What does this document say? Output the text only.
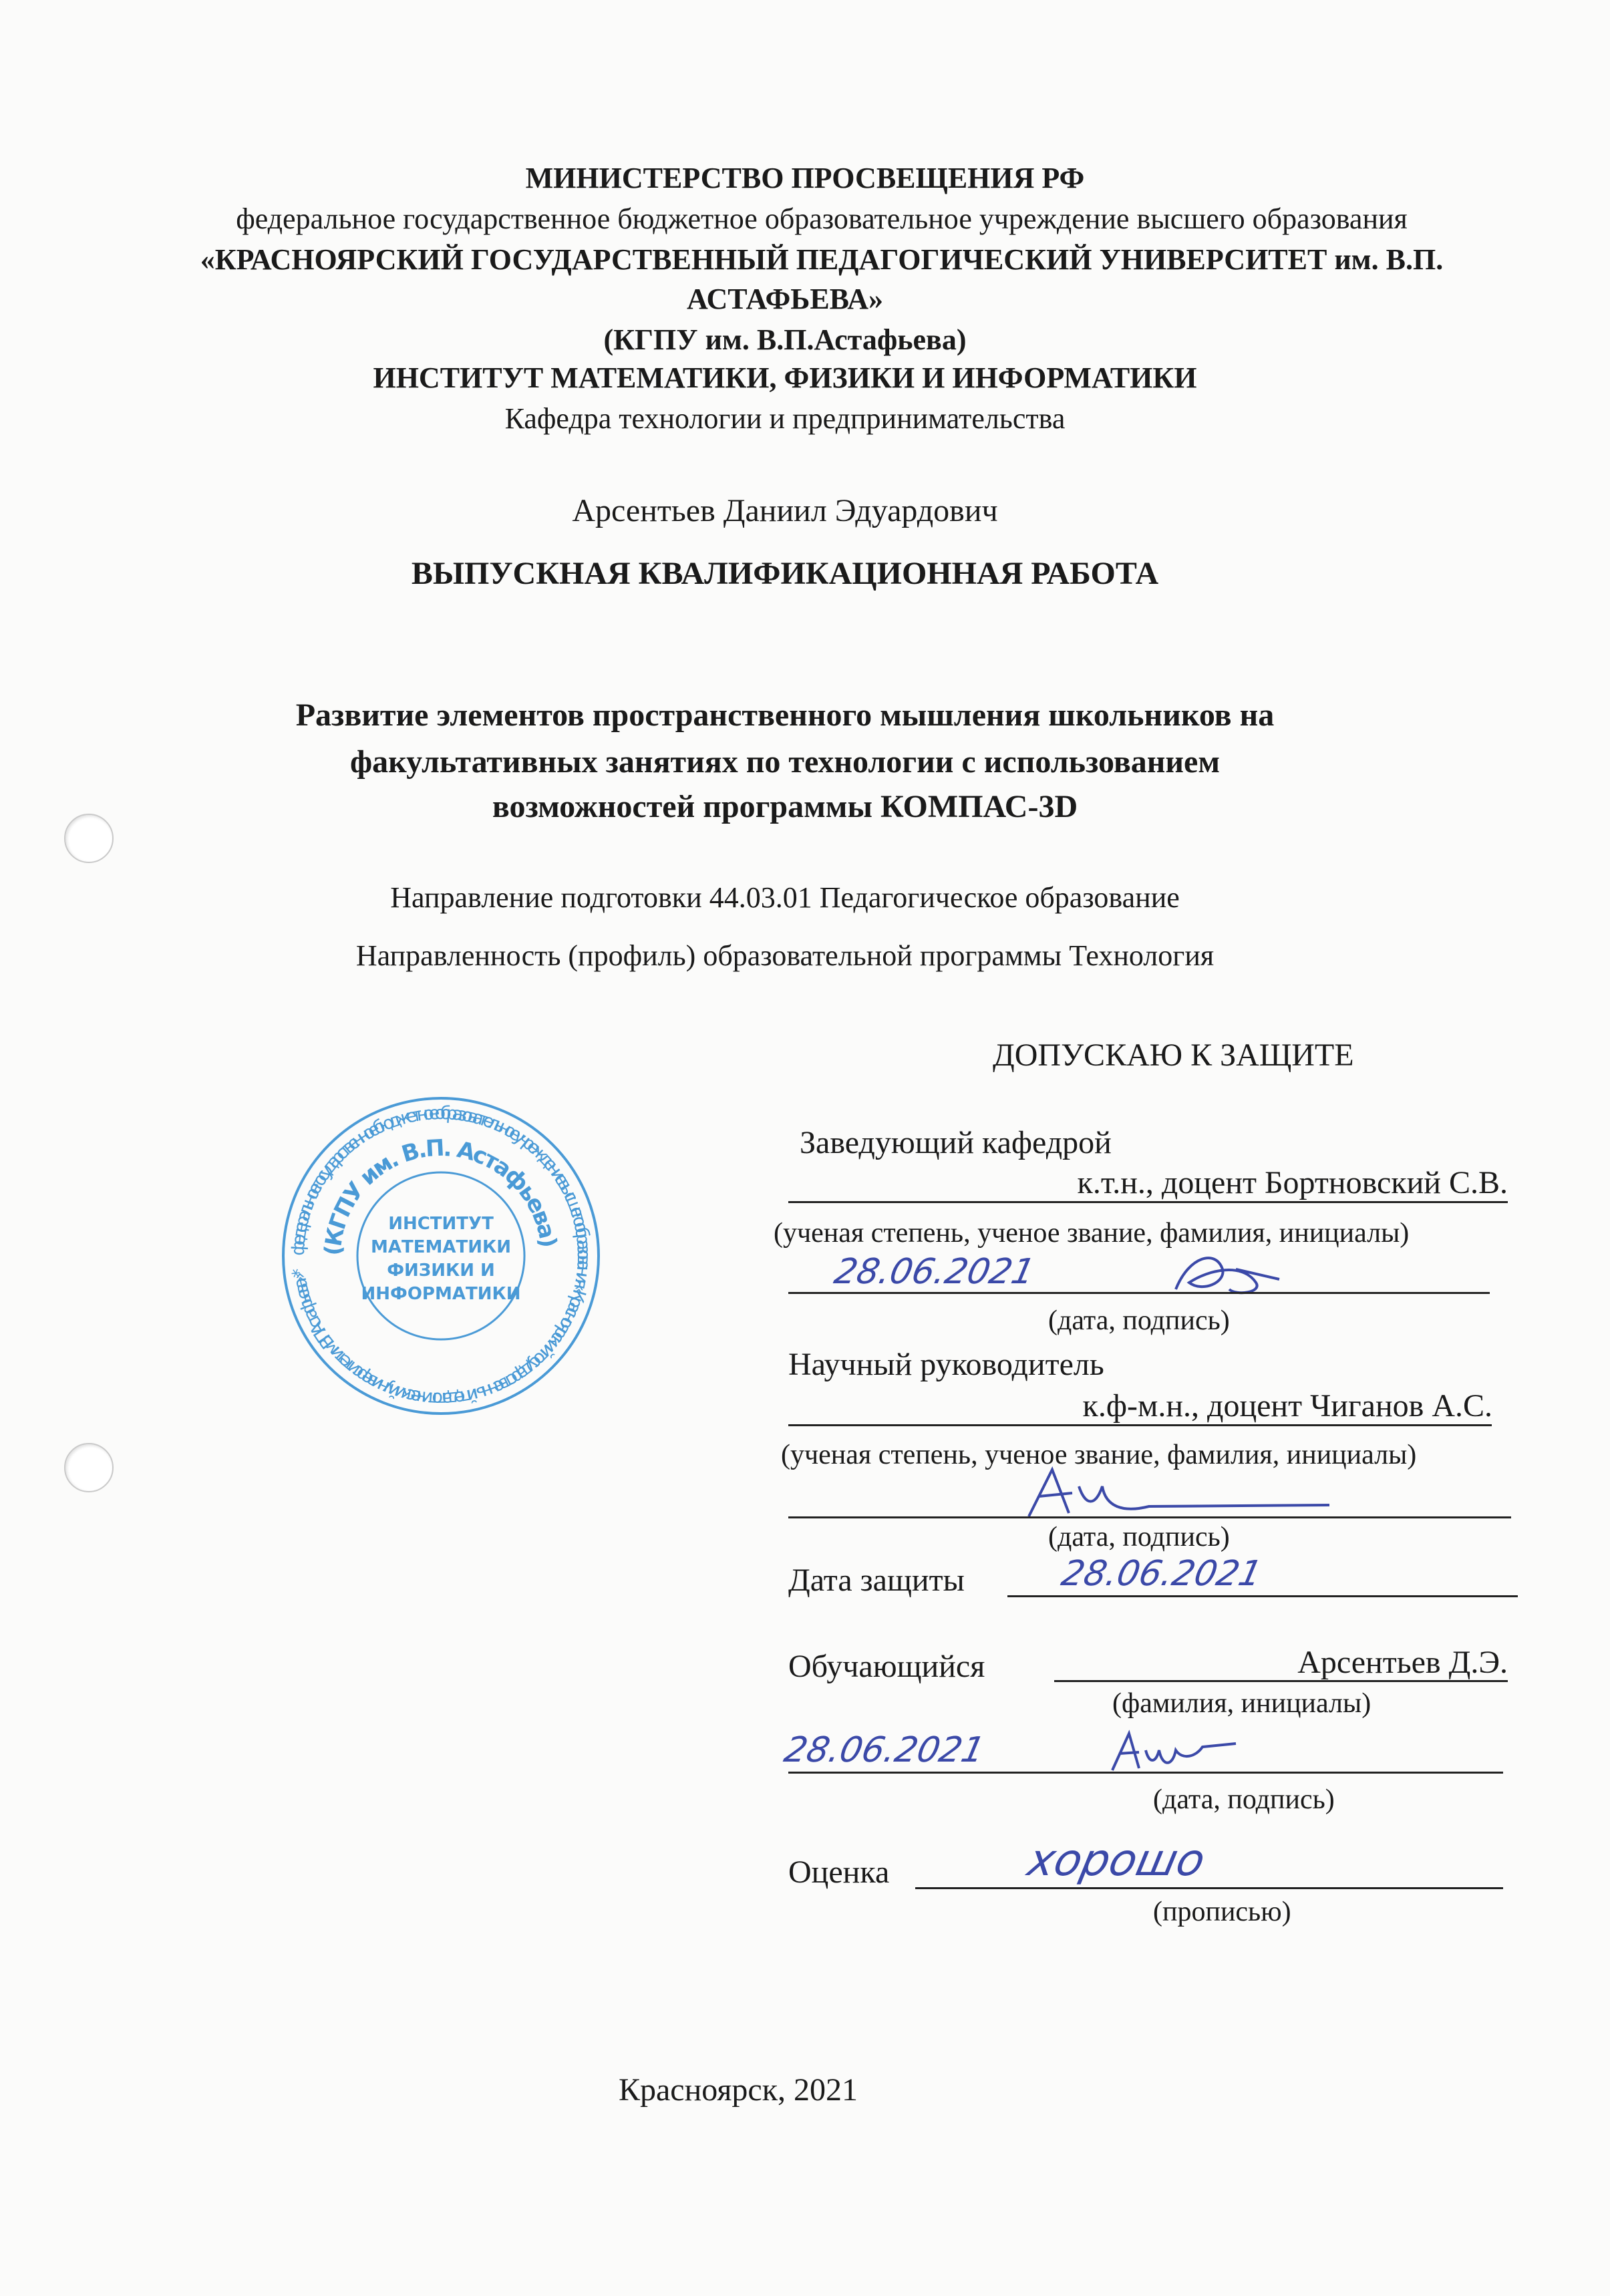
МИНИСТЕРСТВО ПРОСВЕЩЕНИЯ РФ
федеральное государственное бюджетное образовательное учреждение высшего образования
«КРАСНОЯРСКИЙ ГОСУДАРСТВЕННЫЙ ПЕДАГОГИЧЕСКИЙ УНИВЕРСИТЕТ им. В.П.
АСТАФЬЕВА»
(КГПУ им. В.П.Астафьева)
ИНСТИТУТ МАТЕМАТИКИ, ФИЗИКИ И ИНФОРМАТИКИ
Кафедра технологии и предпринимательства
Арсентьев Даниил Эдуардович
ВЫПУСКНАЯ КВАЛИФИКАЦИОННАЯ РАБОТА
Развитие элементов пространственного мышления школьников на
факультативных занятиях по технологии с использованием
возможностей программы КОМПАС-3D
Направление подготовки 44.03.01 Педагогическое образование
Направленность (профиль) образовательной программы Технология
ДОПУСКАЮ К ЗАЩИТЕ
Заведующий кафедрой
к.т.н., доцент Бортновский С.В.
(ученая степень, ученое звание, фамилия, инициалы)
28.06.2021
(дата, подпись)
Научный руководитель
к.ф-м.н., доцент Чиганов А.С.
(ученая степень, ученое звание, фамилия, инициалы)
(дата, подпись)
Дата защиты	28.06.2021
Обучающийся	Арсентьев Д.Э.
(фамилия, инициалы)
28.06.2021
(дата, подпись)
Оценка	хорошо
(прописью)
Красноярск, 2021
федеральное государственное бюджетное образовательное учреждение высшего образования «Красноярский государственный педагогический университет им. В.П. Астафьева» *
(КГПУ им. В.П. Астафьева)
ИНСТИТУТ
МАТЕМАТИКИ
ФИЗИКИ И
ИНФОРМАТИКИ
